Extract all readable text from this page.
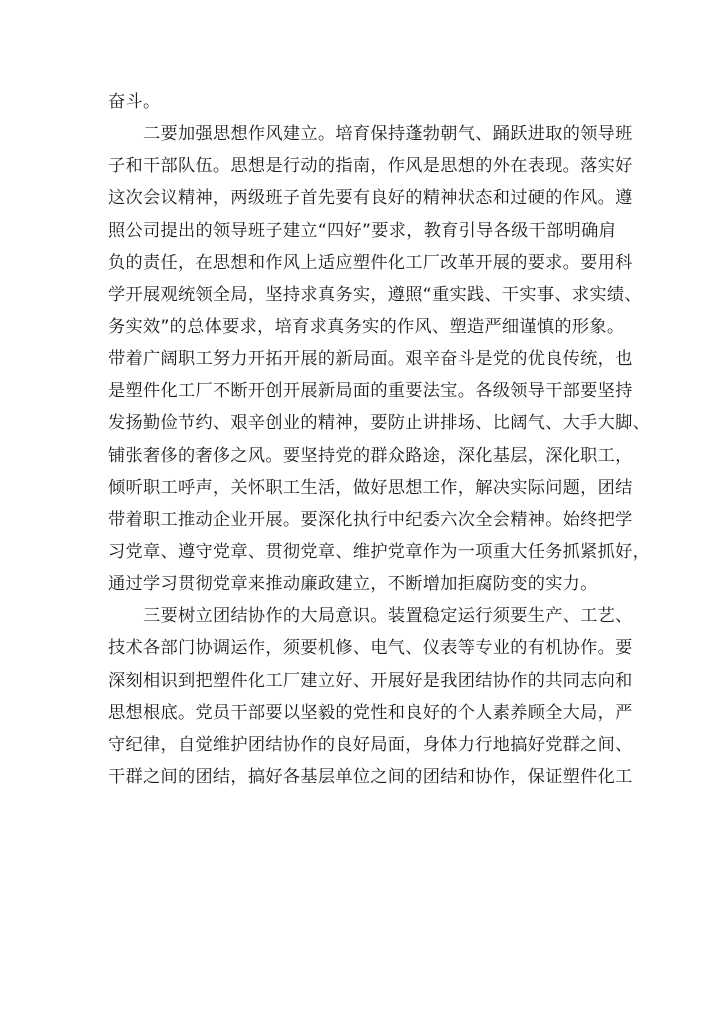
奋斗。
二要加强思想作风建立。培育保持蓬勃朝气、踊跃进取的领导班
子和干部队伍。思想是行动的指南，作风是思想的外在表现。落实好
这次会议精神，两级班子首先要有良好的精神状态和过硬的作风。遵
照公司提出的领导班子建立“四好”要求，教育引导各级干部明确肩
负的责任，在思想和作风上适应塑件化工厂改革开展的要求。要用科
学开展观统领全局，坚持求真务实，遵照“重实践、干实事、求实绩、
务实效”的总体要求，培育求真务实的作风、塑造严细谨慎的形象。
带着广阔职工努力开拓开展的新局面。艰辛奋斗是党的优良传统，也
是塑件化工厂不断开创开展新局面的重要法宝。各级领导干部要坚持
发扬勤俭节约、艰辛创业的精神，要防止讲排场、比阔气、大手大脚、
铺张奢侈的奢侈之风。要坚持党的群众路途，深化基层，深化职工，
倾听职工呼声，关怀职工生活，做好思想工作，解决实际问题，团结
带着职工推动企业开展。要深化执行中纪委六次全会精神。始终把学
习党章、遵守党章、贯彻党章、维护党章作为一项重大任务抓紧抓好，
通过学习贯彻党章来推动廉政建立，不断增加拒腐防变的实力。
三要树立团结协作的大局意识。装置稳定运行须要生产、工艺、
技术各部门协调运作，须要机修、电气、仪表等专业的有机协作。要
深刻相识到把塑件化工厂建立好、开展好是我团结协作的共同志向和
思想根底。党员干部要以坚毅的党性和良好的个人素养顾全大局，严
守纪律，自觉维护团结协作的良好局面，身体力行地搞好党群之间、
干群之间的团结，搞好各基层单位之间的团结和协作，保证塑件化工
